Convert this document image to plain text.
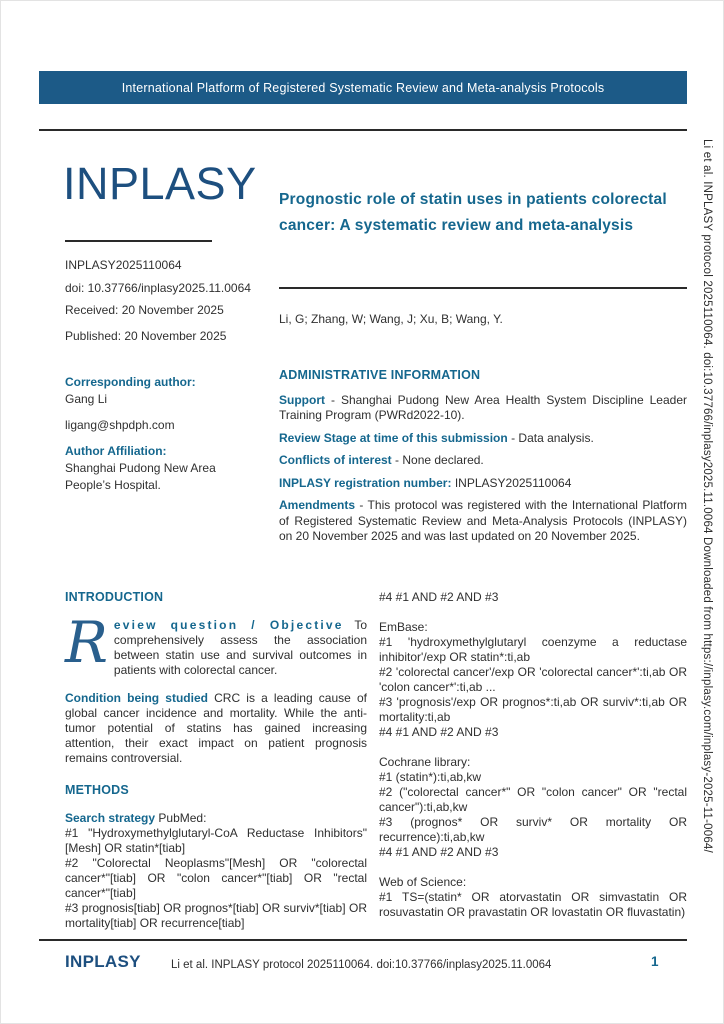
International Platform of Registered Systematic Review and Meta-analysis Protocols
INPLASY
INPLASY2025110064
doi: 10.37766/inplasy2025.11.0064
Received: 20 November 2025
Published: 20 November 2025
Corresponding author:
Gang Li
ligang@shpdph.com
Author Affiliation:
Shanghai Pudong New Area
People’s Hospital.
Prognostic role of statin uses in patients colorectal cancer: A systematic review and meta-analysis
Li, G; Zhang, W; Wang, J; Xu, B; Wang, Y.
ADMINISTRATIVE INFORMATION

Support - Shanghai Pudong New Area Health System Discipline Leader Training Program (PWRd2022-10).

Review Stage at time of this submission - Data analysis.

Conflicts of interest - None declared.

INPLASY registration number: INPLASY2025110064

Amendments - This protocol was registered with the International Platform of Registered Systematic Review and Meta-Analysis Protocols (INPLASY) on 20 November 2025 and was last updated on 20 November 2025.

INTRODUCTION

R eview question / Objective To comprehensively assess the association between statin use and survival outcomes in patients with colorectal cancer.

Condition being studied CRC is a leading cause of global cancer incidence and mortality. While the anti-tumor potential of statins has gained increasing attention, their exact impact on patient prognosis remains controversial.

METHODS
Search strategy PubMed:
#1 "Hydroxymethylglutaryl-CoA Reductase Inhibitors"[Mesh] OR statin*[tiab]
#2 "Colorectal Neoplasms"[Mesh] OR "colorectal cancer*"[tiab] OR "colon cancer*"[tiab] OR "rectal cancer*"[tiab]
#3 prognosis[tiab] OR prognos*[tiab] OR surviv*[tiab] OR mortality[tiab] OR recurrence[tiab]
#4 #1 AND #2 AND #3
EmBase:
#1 'hydroxymethylglutaryl coenzyme a reductase inhibitor'/exp OR statin*:ti,ab
#2 'colorectal cancer'/exp OR 'colorectal cancer*':ti,ab OR 'colon cancer*':ti,ab ...
#3 'prognosis'/exp OR prognos*:ti,ab OR surviv*:ti,ab OR mortality:ti,ab
#4 #1 AND #2 AND #3
Cochrane library:
#1 (statin*):ti,ab,kw
#2 ("colorectal cancer*" OR "colon cancer" OR "rectal cancer"):ti,ab,kw
#3 (prognos* OR surviv* OR mortality OR recurrence):ti,ab,kw
#4 #1 AND #2 AND #3
Web of Science:
#1 TS=(statin* OR atorvastatin OR simvastatin OR rosuvastatin OR pravastatin OR lovastatin OR fluvastatin)
INPLASY	Li et al. INPLASY protocol 2025110064. doi:10.37766/inplasy2025.11.0064	1
Li et al. INPLASY protocol 2025110064. doi:10.37766/inplasy2025.11.0064 Downloaded from https://inplasy.com/inplasy-2025-11-0064/
